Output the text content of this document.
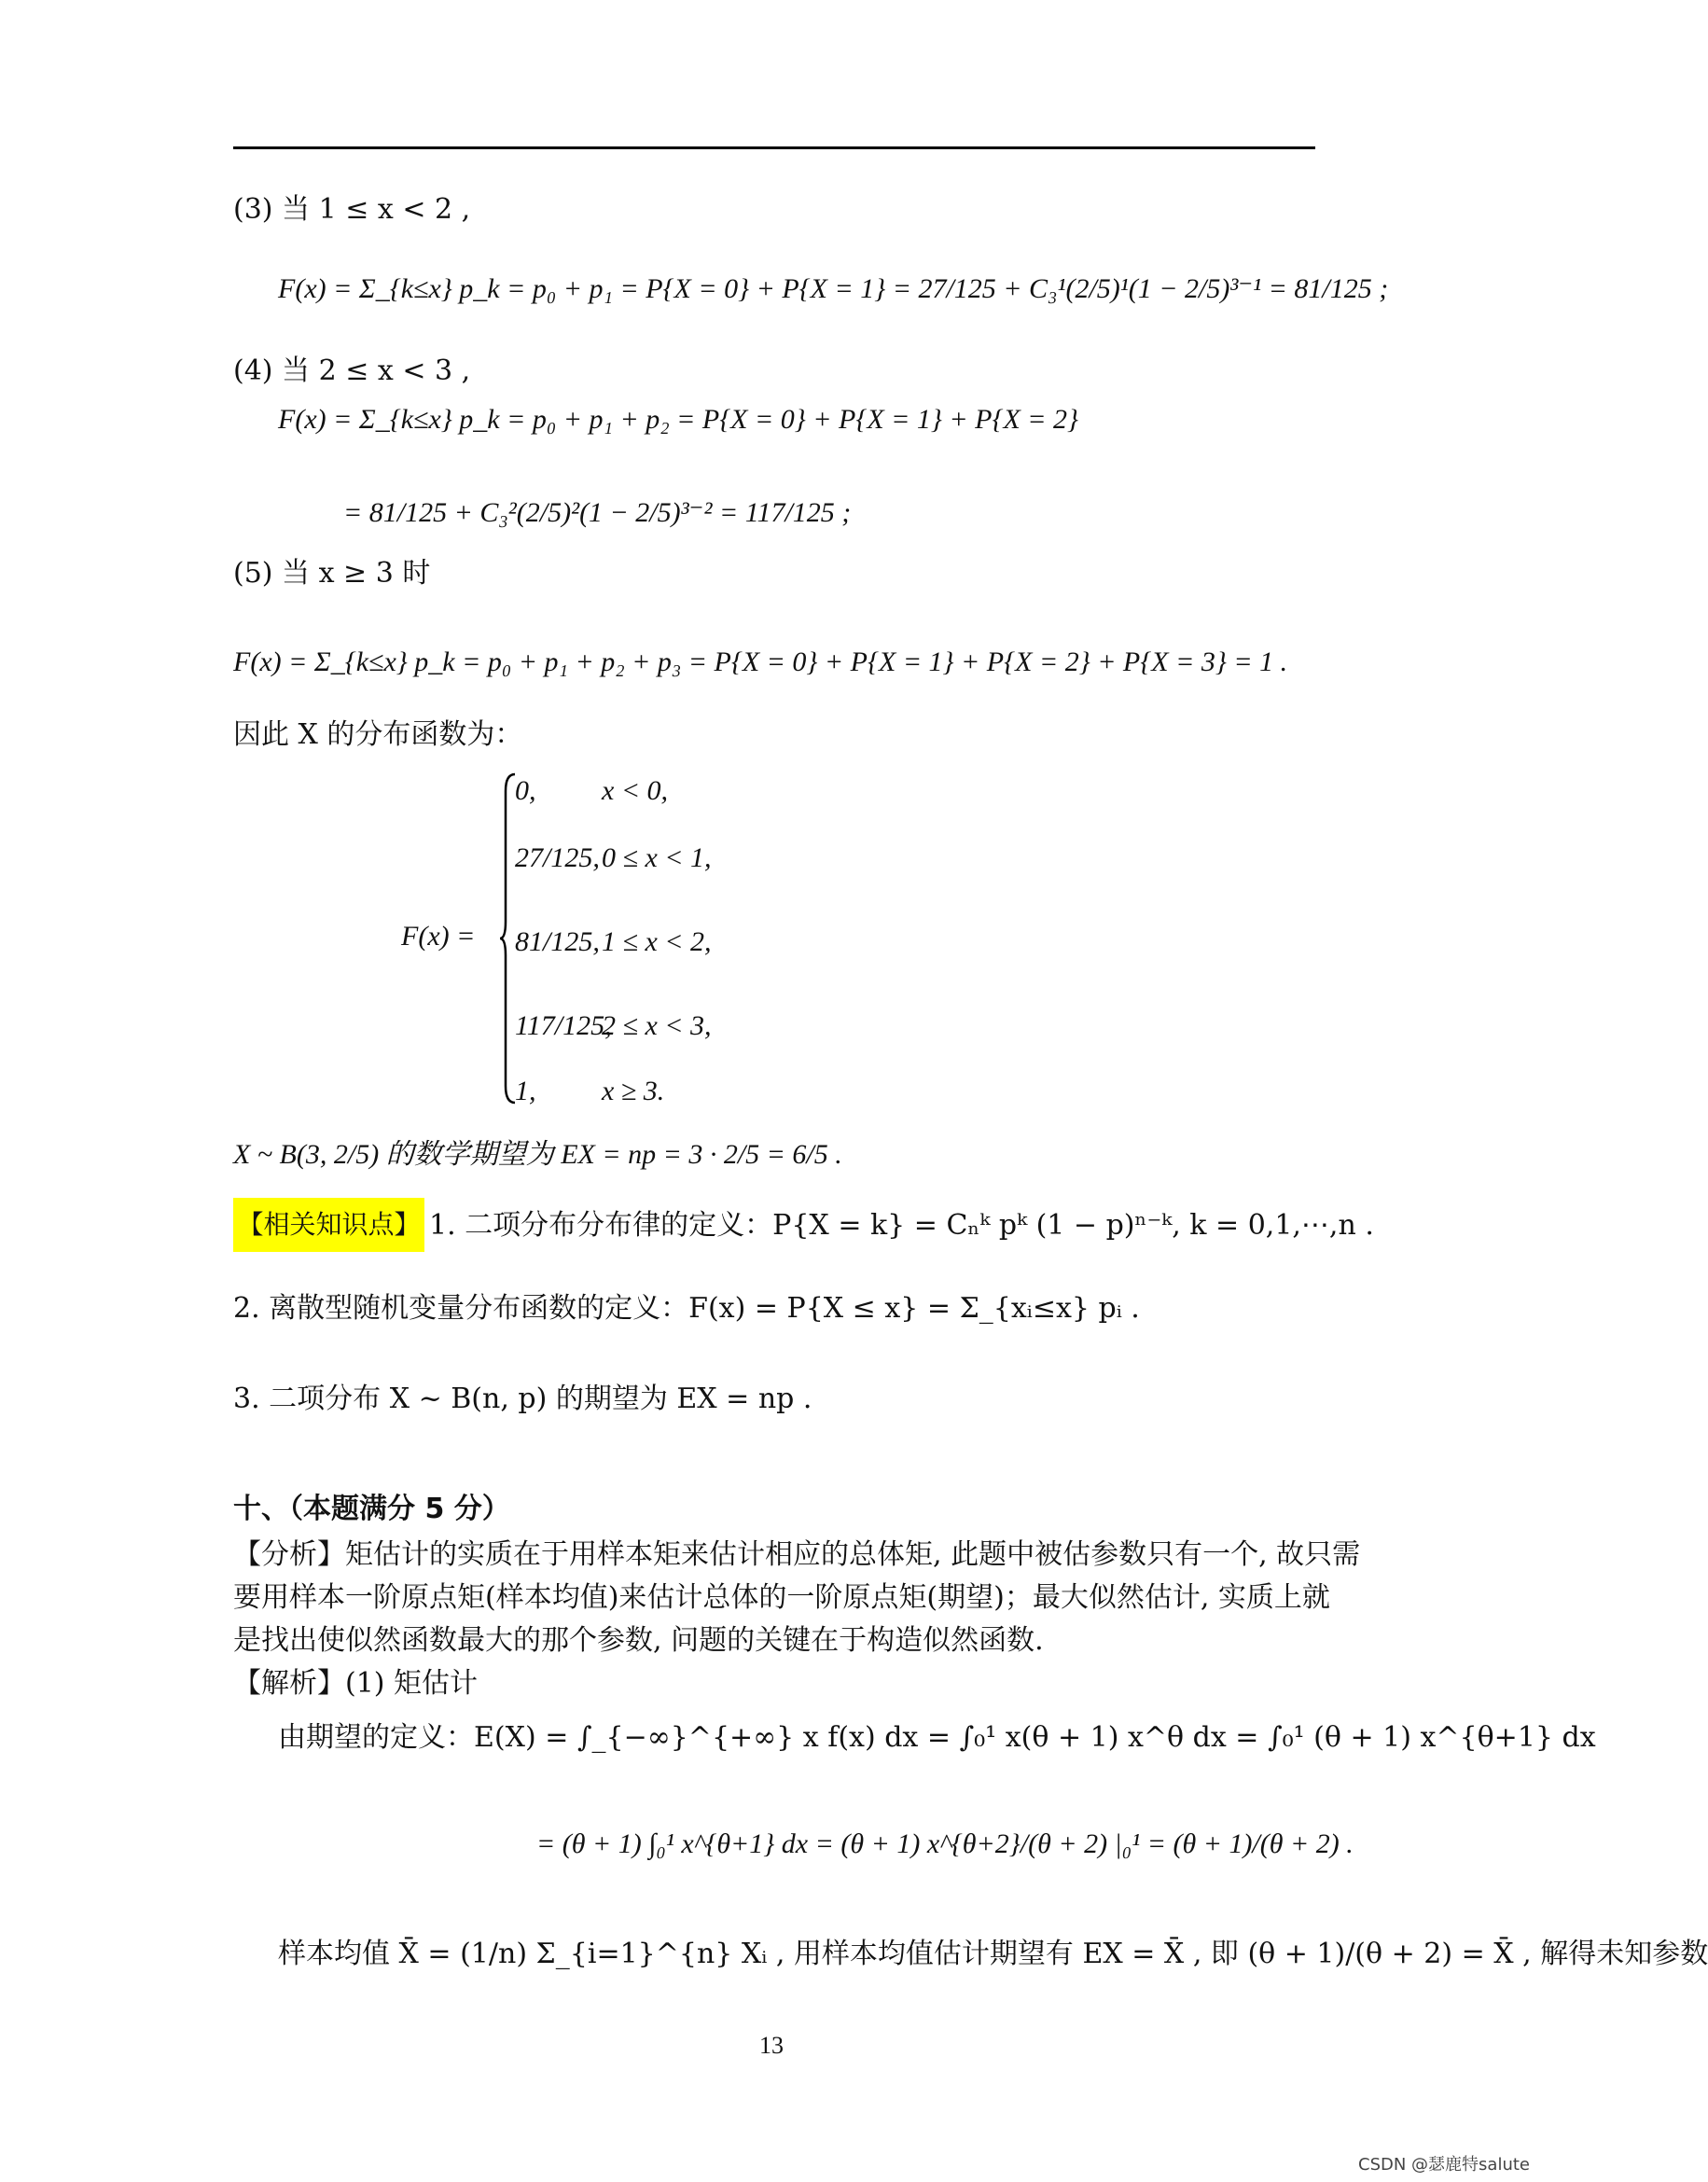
(3) 当 1 ≤ x < 2 ,
F(x) = Σ_{k≤x} p_k = p₀ + p₁ = P{X = 0} + P{X = 1} = 27/125 + C₃¹(2/5)¹(1 − 2/5)³⁻¹ = 81/125 ;
(4) 当 2 ≤ x < 3 ,
F(x) = Σ_{k≤x} p_k = p₀ + p₁ + p₂ = P{X = 0} + P{X = 1} + P{X = 2}
= 81/125 + C₃²(2/5)²(1 − 2/5)³⁻² = 117/125 ;
(5) 当 x ≥ 3 时
F(x) = Σ_{k≤x} p_k = p₀ + p₁ + p₂ + p₃ = P{X = 0} + P{X = 1} + P{X = 2} + P{X = 3} = 1 .
因此 X 的分布函数为：
F(x) =
0, x < 0,
27/125, 0 ≤ x < 1,
81/125, 1 ≤ x < 2,
117/125,
2 ≤ x < 3,
1, x ≥ 3.
X ~ B(3, 2/5) 的数学期望为 EX = np = 3 · 2/5 = 6/5 .
【相关知识点】 1. 二项分布分布律的定义：P{X = k} = Cₙᵏ pᵏ (1 − p)ⁿ⁻ᵏ, k = 0,1,⋯,n .
2. 离散型随机变量分布函数的定义：F(x) = P{X ≤ x} = Σ_{xᵢ≤x} pᵢ .
3. 二项分布 X ~ B(n, p) 的期望为 EX = np .
十、（本题满分 5 分）
【分析】矩估计的实质在于用样本矩来估计相应的总体矩, 此题中被估参数只有一个, 故只需
要用样本一阶原点矩(样本均值)来估计总体的一阶原点矩(期望)；最大似然估计, 实质上就
是找出使似然函数最大的那个参数, 问题的关键在于构造似然函数.
【解析】(1) 矩估计
由期望的定义：E(X) = ∫_{−∞}^{+∞} x f(x) dx = ∫₀¹ x(θ + 1) x^θ dx = ∫₀¹ (θ + 1) x^{θ+1} dx
= (θ + 1) ∫₀¹ x^{θ+1} dx = (θ + 1) x^{θ+2}/(θ + 2) |₀¹ = (θ + 1)/(θ + 2) .
样本均值 X̄ = (1/n) Σ_{i=1}^{n} Xᵢ , 用样本均值估计期望有 EX = X̄ , 即 (θ + 1)/(θ + 2) = X̄ , 解得未知参数
13
CSDN @瑟鹿特salute
